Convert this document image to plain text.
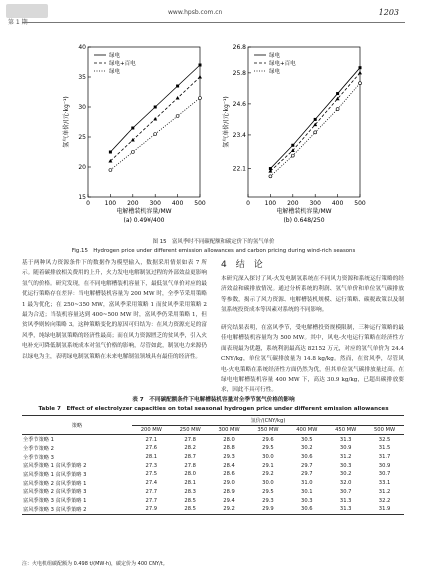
第 1 期
www.hpsb.com.cn	1203
15
20
25
30
35
40
0 100 200 300 400 500
电解槽装机容量/MW
(a) 0.49¥/400
氢气单价/(元·kg⁻¹)
绿电
绿电+百电
绿电
22.1
23.4
24.6
25.8
26.8
0 100 200 300 400 500
电解槽装机容量/MW
(b) 0.648/250
氢气单价/(元·kg⁻¹)
绿电
绿电+百电
绿电
图 15　富风季时不同碳配额和碳定价下的氢气单价
Fig.15　Hydrogen price under different emission allowances and carbon pricing during wind-rich seasons
基于两种风力资源条件下的数据作为模型输入，数据采用情景如表 7 所示。随着碳排放相关费用的上升，火力发电电解制氢过程的外部效益更影响氢气的价格。研究发现，在不同电解槽装机容量下，最低氢气单价对应的最优运行策略存在差异：当电解槽装机容量为 200 MW 时，全季节采用策略 1 最为优化；在 250~350 MW，富风季采用策略 1 而贫风季采用策略 2 最为合适；当装机容量达到 400~500 MW 时，富风季仍采用策略 1，但贫风季则转向策略 3。这种策略变化的原因可归结为：在风力资源充足的富风季，纯绿电制氢策略的经济性最高；而在风力资源匮乏的贫风季，引入火电补充可降低制氢系统成本对氢气价格的影响，尽管如此，制氢电力来源仍以绿电为主，表明绿电制氢策略在未来电解制氢领域具有最佳的经济性。
4　结　论
本研究深入探讨了风-火发电制氢系统在不同风力资源和系统运行策略的经济效益和碳排放情况。通过分析系统的利润、氢气单价和单位氢气碳排放等参数，揭示了风力资源、电解槽装机规模、运行策略、碳税政策以及制氢系统投资成本等因素对系统的不同影响。
研究结果表明，在富风季节，受电解槽投资规模限制，三种运行策略的最佳电解槽装机容量均为 500 MW。其中，风电-火电运行策略在经济性方面表现最为优越，系统利润最高达 82152 万元，对应的氢气单价为 24.4 CNY/kg，单位氢气碳排放量为 14.8 kg/kg。然而，在贫风季，尽管风电-火电策略在系统经济性方面仍然为优，但其单位氢气碳排放量过高。在绿电电解槽装机容量 400 MW 下，高达 30.9 kg/kg，已超出碳排放要求，因此不具可行性。
表 7　不同碳配额条件下电解槽装机容量对全季节氢气价格的影响
Table 7　Effect of electrolyzer capacities on total seasonal hydrogen price under different emission allowances
策略	氢价/(CNY/kg)						
	200 MW	250 MW	300 MW	350 MW	400 MW	450 MW	500 MW
全季节策略 1	27.1	27.8	28.0	29.6	30.5	31.3	32.5
全季节策略 2	27.6	28.2	28.8	29.5	30.2	30.9	31.5
全季节策略 3	28.1	28.7	29.3	30.0	30.6	31.2	31.7
富风季策略 1 贫风季策略 2	27.3	27.8	28.4	29.1	29.7	30.3	30.9
富风季策略 1 贫风季策略 3	27.5	28.0	28.6	29.2	29.7	30.2	30.7
富风季策略 2 贫风季策略 1	27.4	28.1	29.0	30.0	31.0	32.0	33.1
富风季策略 2 贫风季策略 3	27.7	28.3	28.9	29.5	30.1	30.7	31.2
富风季策略 3 贫风季策略 1	27.7	28.5	29.4	29.3	30.3	31.3	32.2
富风季策略 3 贫风季策略 2	27.9	28.5	29.2	29.9	30.6	31.3	31.9
注：火电机组碳配额为 0.498 t/(MW·h)，碳定价为 400 CNY/t。
